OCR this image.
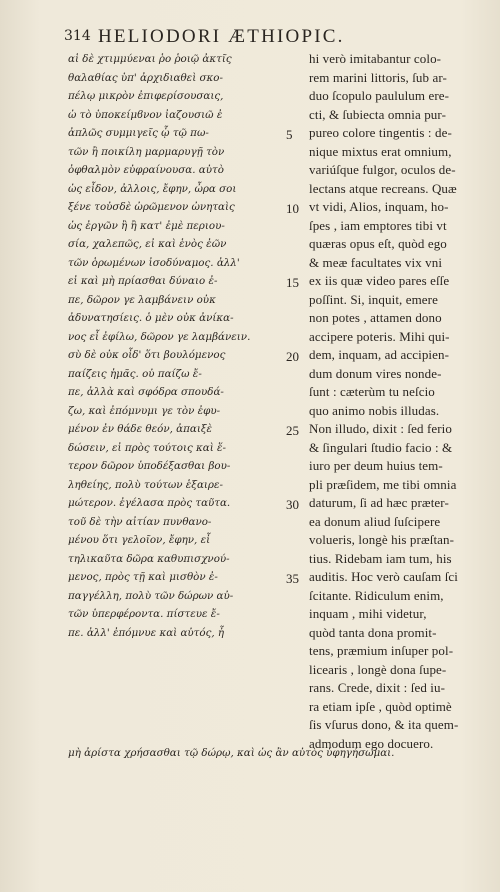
314 HELIODORI ÆTHIOPIC.
αἱ δὲ χτιμμύεναι ῥο ῥοιῷ ἀκτῖς
θαλαθίας ὑπ' ἀρχιδιαθεὶ σκο-
πέλῳ μικρὸν ἐπιφερίσουσαις,
ὡ τὸ ὑποκείμϐνον ἰαζουσιῶ ἐ
ἀπλῶς συμμιγεῖς ᾧ τῷ πω-
τῶν ἢ ποικίλη μαρμαρυγῇ τὸν
ὀφθαλμὸν εὐφραίνουσα. αὐτὸ
ὡς εἶδον, ἀλλοις, ἔφην, ὦρα σοι
ξένε τοὐσδὲ ὠρῶμενον ὠνηταὶς
ὡς ἐργῶν ἢ ἢ κατ' ἐμὲ περιου-
σία, χαλεπῶς, εἰ καὶ ἑνὸς ἐῶν
τῶν ὁρωμένων ἰσοδύναμος. ἀλλ'
εἰ καὶ μὴ πρίασθαι δύναιο ἐ-
πε, δῶρον γε λαμβάνειν οὐκ
ἀδυνατησίεις. ὁ μὲν οὐκ ἀνίκα-
νος εἶ ἐφίλω, δῶρον γε λαμβάνειν.
σὺ δὲ οὐκ οἶδ' ὅτι βουλόμενος
παίζεις ἡμᾶς. οὐ παίζω ἔ-
πε, ἀλλὰ καὶ σφόδρα σπουδά-
ζω, καὶ ἐπόμνυμι γε τὸν ἐφυ-
μένον ἐν θάδε θεόν, ἀπαιξὲ
δώσειν, εἰ πρὸς τούτοις καὶ ἕ-
τερον δῶρον ὑποδέξασθαι βου-
ληθείης, πολὺ τούτων ἑξαιρε-
μώτερον. ἐγέλασα πρὸς ταῦτα.
τοῦ δὲ τὴν αἰτίαν πυνθανο-
μένου ὅτι γελοῖον, ἔφην, εἶ
τηλικαῦτα δῶρα καθυπισχνού-
μενος, πρὸς τῇ καὶ μισθὸν ἐ-
παγγέλλη, πολὺ τῶν δώρων αὐ-
τῶν ὑπερφέροντα. πίστευε ἔ-
πε. ἀλλ' ἐπόμνυε καὶ αὐτός, ἦ
5
10
15
20
25
30
35
hi verò imitabantur colo-
rem marini littoris, ſub ar-
duo ſcopulo paululum ere-
cti, & ſubiecta omnia pur-
pureo colore tingentis : de-
nique mixtus erat omnium,
variúſque fulgor, oculos de-
lectans atque recreans. Quæ
vt vidi, Alios, inquam, ho-
ſpes , iam emptores tibi vt
quæras opus eſt, quòd ego
& meæ facultates vix vni
ex iis quæ video pares eſſe
poſſint. Si, inquit, emere
non potes , attamen dono
accipere poteris. Mihi qui-
dem, inquam, ad accipien-
dum donum vires nonde-
ſunt : cæterùm tu neſcio
quo animo nobis illudas.
Non illudo, dixit : ſed ferio
& ſingulari ſtudio facio : &
iuro per deum huius tem-
pli præſidem, me tibi omnia
daturum, ſi ad hæc præter-
ea donum aliud ſuſcipere
volueris, longè his præſtan-
tius. Ridebam iam tum, his
auditis. Hoc verò cauſam ſci
ſcitante. Ridiculum enim,
inquam , mihi videtur,
quòd tanta dona promit-
tens, præmium inſuper pol-
licearis , longè dona ſupe-
rans. Crede, dixit : ſed iu-
ra etiam ipſe , quòd optimè
ſis vſurus dono, & ita quem-
admodum ego docuero.
μὴ ἀρίστα χρήσασθαι τῷ δώρῳ, καὶ ὡς ἂν αὐτὸς ὑφηγήσωμαι.
